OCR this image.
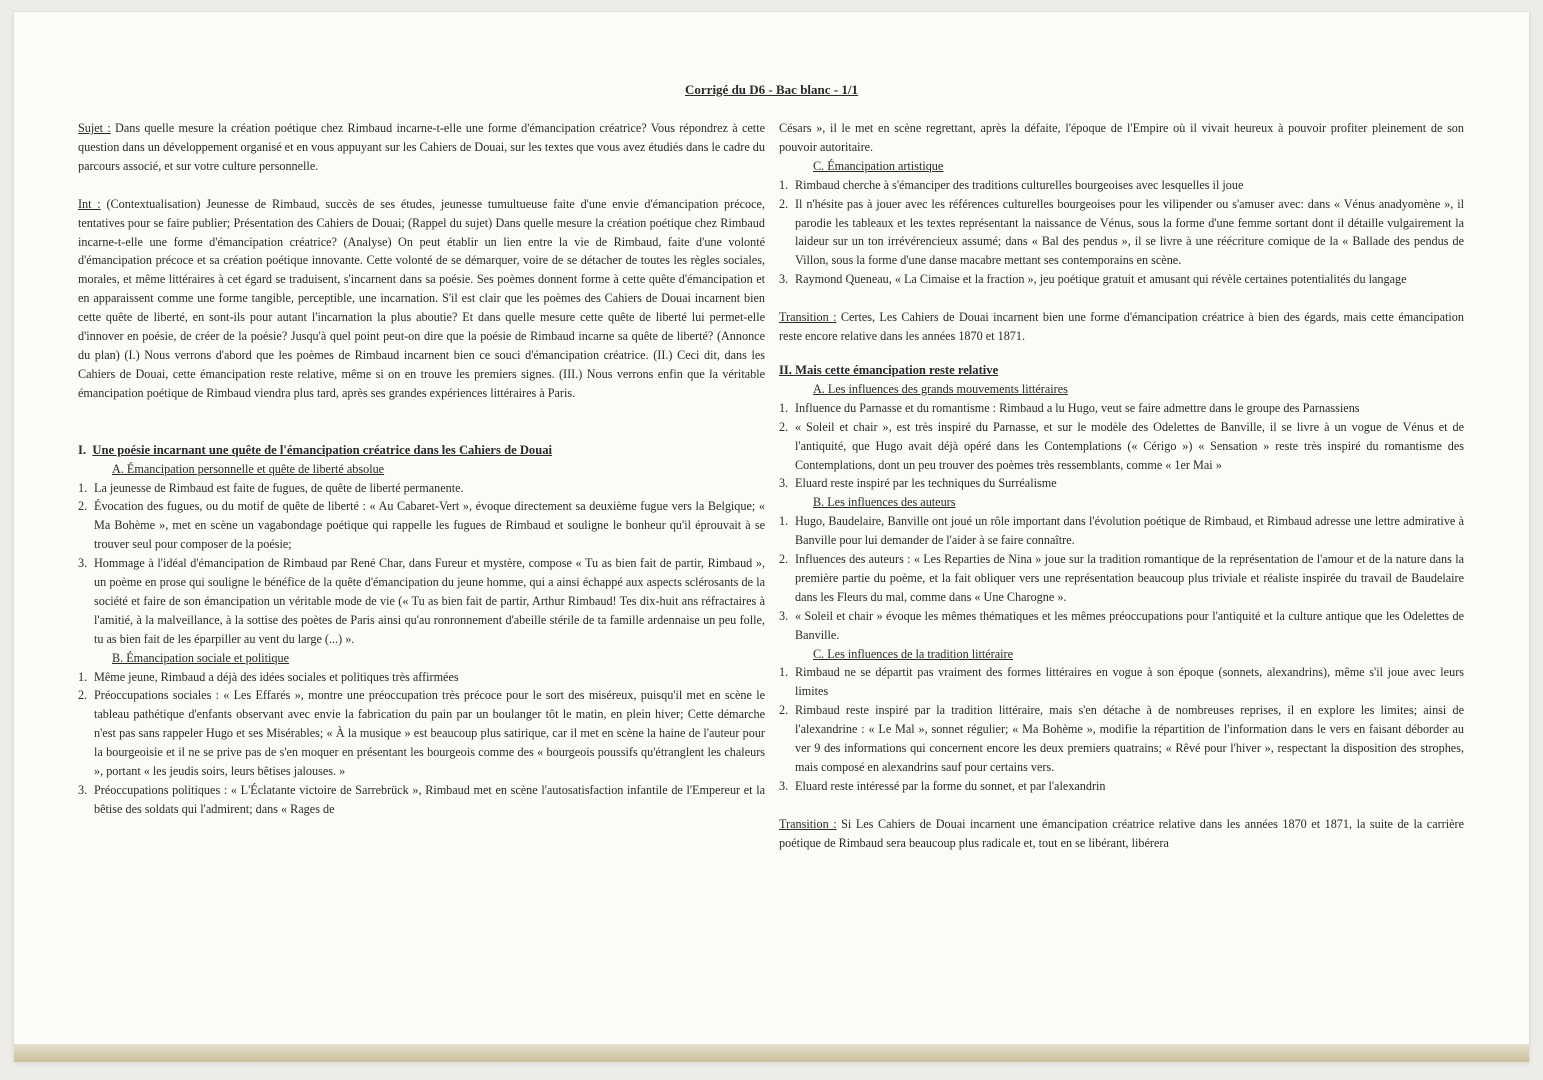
Corrigé du D6 - Bac blanc - 1/1

Sujet : Dans quelle mesure la création poétique chez Rimbaud incarne-t-elle une forme d'émancipation créatrice? Vous répondrez à cette question dans un développement organisé et en vous appuyant sur les Cahiers de Douai, sur les textes que vous avez étudiés dans le cadre du parcours associé, et sur votre culture personnelle.

Int : (Contextualisation) Jeunesse de Rimbaud, succès de ses études, jeunesse tumultueuse faite d'une envie d'émancipation précoce, tentatives pour se faire publier; Présentation des Cahiers de Douai; (Rappel du sujet) Dans quelle mesure la création poétique chez Rimbaud incarne-t-elle une forme d'émancipation créatrice? (Analyse) On peut établir un lien entre la vie de Rimbaud, faite d'une volonté d'émancipation précoce et sa création poétique innovante. Cette volonté de se démarquer, voire de se détacher de toutes les règles sociales, morales, et même littéraires à cet égard se traduisent, s'incarnent dans sa poésie. Ses poèmes donnent forme à cette quête d'émancipation et en apparaissent comme une forme tangible, perceptible, une incarnation. S'il est clair que les poèmes des Cahiers de Douai incarnent bien cette quête de liberté, en sont-ils pour autant l'incarnation la plus aboutie? Et dans quelle mesure cette quête de liberté lui permet-elle d'innover en poésie, de créer de la poésie? Jusqu'à quel point peut-on dire que la poésie de Rimbaud incarne sa quête de liberté? (Annonce du plan) (I.) Nous verrons d'abord que les poèmes de Rimbaud incarnent bien ce souci d'émancipation créatrice. (II.) Ceci dit, dans les Cahiers de Douai, cette émancipation reste relative, même si on en trouve les premiers signes. (III.) Nous verrons enfin que la véritable émancipation poétique de Rimbaud viendra plus tard, après ses grandes expériences littéraires à Paris.

I. Une poésie incarnant une quête de l'émancipation créatrice dans les Cahiers de Douai

A. Émancipation personnelle et quête de liberté absolue

1. La jeunesse de Rimbaud est faite de fugues, de quête de liberté permanente.
2. Évocation des fugues, ou du motif de quête de liberté : « Au Cabaret-Vert », évoque directement sa deuxième fugue vers la Belgique; « Ma Bohème », met en scène un vagabondage poétique qui rappelle les fugues de Rimbaud et souligne le bonheur qu'il éprouvait à se trouver seul pour composer de la poésie;
3. Hommage à l'idéal d'émancipation de Rimbaud par René Char, dans Fureur et mystère, compose « Tu as bien fait de partir, Rimbaud », un poème en prose qui souligne le bénéfice de la quête d'émancipation du jeune homme, qui a ainsi échappé aux aspects sclérosants de la société et faire de son émancipation un véritable mode de vie (« Tu as bien fait de partir, Arthur Rimbaud! Tes dix-huit ans réfractaires à l'amitié, à la malveillance, à la sottise des poètes de Paris ainsi qu'au ronronnement d'abeille stérile de ta famille ardennaise un peu folle, tu as bien fait de les éparpiller au vent du large (...) ».

B. Émancipation sociale et politique

1. Même jeune, Rimbaud a déjà des idées sociales et politiques très affirmées
2. Préoccupations sociales : « Les Effarés », montre une préoccupation très précoce pour le sort des miséreux, puisqu'il met en scène le tableau pathétique d'enfants observant avec envie la fabrication du pain par un boulanger tôt le matin, en plein hiver; Cette démarche n'est pas sans rappeler Hugo et ses Misérables; « À la musique » est beaucoup plus satirique, car il met en scène la haine de l'auteur pour la bourgeoisie et il ne se prive pas de s'en moquer en présentant les bourgeois comme des « bourgeois poussifs qu'étranglent les chaleurs », portant « les jeudis soirs, leurs bêtises jalouses. »
3. Préoccupations politiques : « L'Éclatante victoire de Sarrebrück », Rimbaud met en scène l'autosatisfaction infantile de l'Empereur et la bêtise des soldats qui l'admirent; dans « Rages de

Césars », il le met en scène regrettant, après la défaite, l'époque de l'Empire où il vivait heureux à pouvoir profiter pleinement de son pouvoir autoritaire.

C. Émancipation artistique

1. Rimbaud cherche à s'émanciper des traditions culturelles bourgeoises avec lesquelles il joue
2. Il n'hésite pas à jouer avec les références culturelles bourgeoises pour les vilipender ou s'amuser avec: dans « Vénus anadyomène », il parodie les tableaux et les textes représentant la naissance de Vénus, sous la forme d'une femme sortant dont il détaille vulgairement la laideur sur un ton irrévérencieux assumé; dans « Bal des pendus », il se livre à une réécriture comique de la « Ballade des pendus de Villon, sous la forme d'une danse macabre mettant ses contemporains en scène.
3. Raymond Queneau, « La Cimaise et la fraction », jeu poétique gratuit et amusant qui révèle certaines potentialités du langage

Transition : Certes, Les Cahiers de Douai incarnent bien une forme d'émancipation créatrice à bien des égards, mais cette émancipation reste encore relative dans les années 1870 et 1871.

II. Mais cette émancipation reste relative

A. Les influences des grands mouvements littéraires

1. Influence du Parnasse et du romantisme : Rimbaud a lu Hugo, veut se faire admettre dans le groupe des Parnassiens
2. « Soleil et chair », est très inspiré du Parnasse, et sur le modèle des Odelettes de Banville, il se livre à un vogue de Vénus et de l'antiquité, que Hugo avait déjà opéré dans les Contemplations (« Cérigo ») « Sensation » reste très inspiré du romantisme des Contemplations, dont un peu trouver des poèmes très ressemblants, comme « 1er Mai »
3. Eluard reste inspiré par les techniques du Surréalisme

B. Les influences des auteurs

1. Hugo, Baudelaire, Banville ont joué un rôle important dans l'évolution poétique de Rimbaud, et Rimbaud adresse une lettre admirative à Banville pour lui demander de l'aider à se faire connaître.
2. Influences des auteurs : « Les Reparties de Nina » joue sur la tradition romantique de la représentation de l'amour et de la nature dans la première partie du poème, et la fait obliquer vers une représentation beaucoup plus triviale et réaliste inspirée du travail de Baudelaire dans les Fleurs du mal, comme dans « Une Charogne ».
3. « Soleil et chair » évoque les mêmes thématiques et les mêmes préoccupations pour l'antiquité et la culture antique que les Odelettes de Banville.

C. Les influences de la tradition littéraire

1. Rimbaud ne se départit pas vraiment des formes littéraires en vogue à son époque (sonnets, alexandrins), même s'il joue avec leurs limites
2. Rimbaud reste inspiré par la tradition littéraire, mais s'en détache à de nombreuses reprises, il en explore les limites; ainsi de l'alexandrine : « Le Mal », sonnet régulier; « Ma Bohème », modifie la répartition de l'information dans le vers en faisant déborder au ver 9 des informations qui concernent encore les deux premiers quatrains; « Rêvé pour l'hiver », respectant la disposition des strophes, mais composé en alexandrins sauf pour certains vers.
3. Eluard reste intéressé par la forme du sonnet, et par l'alexandrin

Transition : Si Les Cahiers de Douai incarnent une émancipation créatrice relative dans les années 1870 et 1871, la suite de la carrière poétique de Rimbaud sera beaucoup plus radicale et, tout en se libérant, libérera
